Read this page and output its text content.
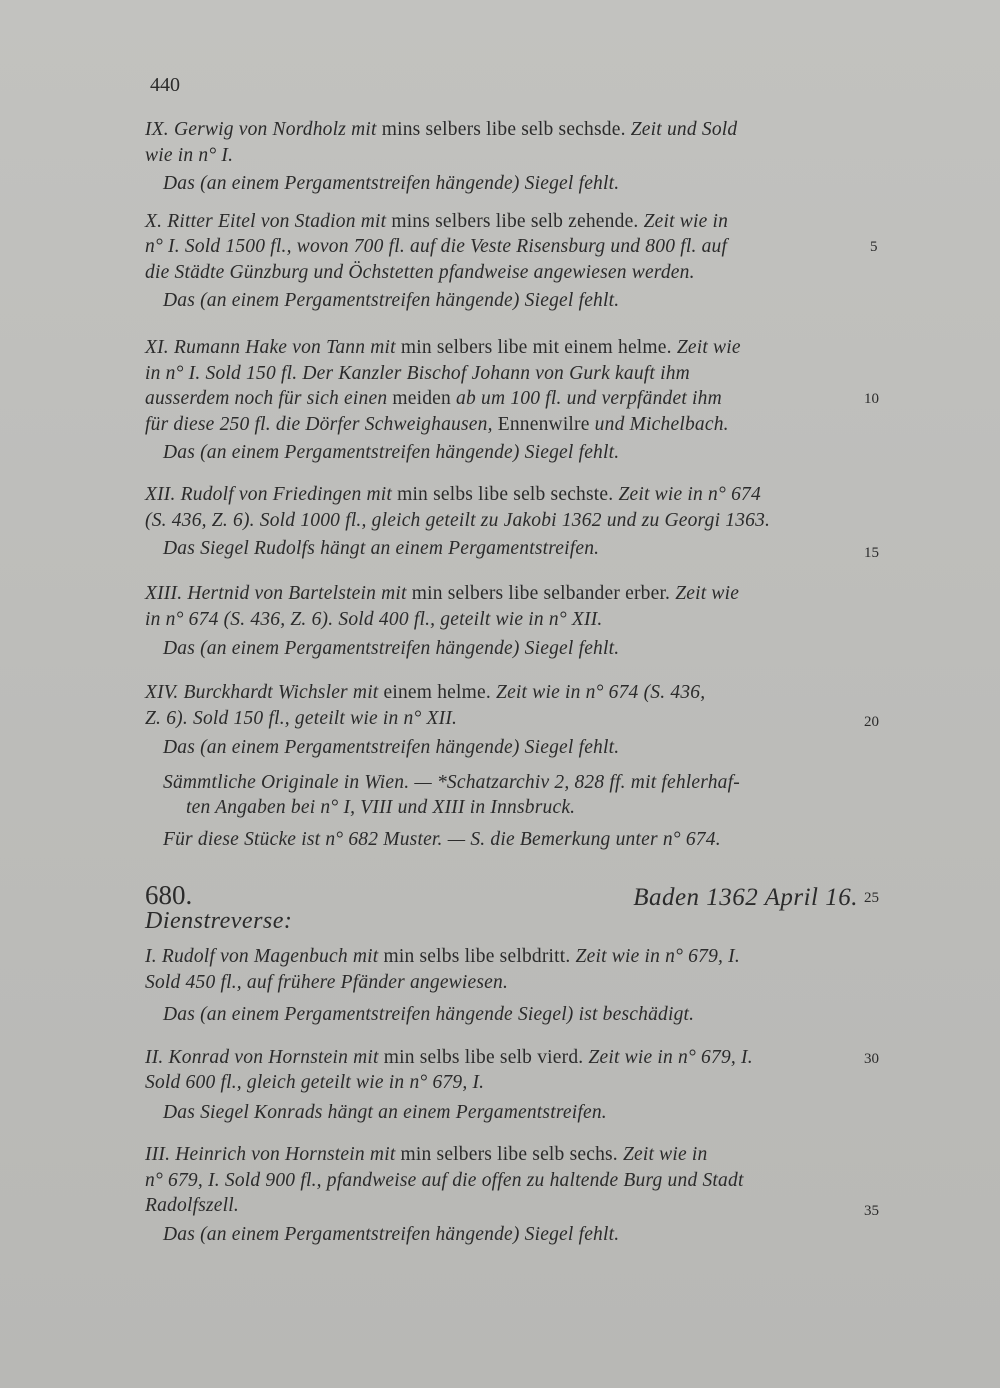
440
680.	Baden 1362 April 16.
Dienstreverse:
IX. Gerwig von Nordholz mit mins selbers libe selb sechsde. Zeit und Sold
wie in n° I.
Das (an einem Pergamentstreifen hängende) Siegel fehlt.
X. Ritter Eitel von Stadion mit mins selbers libe selb zehende. Zeit wie in
n° I. Sold 1500 fl., wovon 700 fl. auf die Veste Risensburg und 800 fl. auf
die Städte Günzburg und Öchstetten pfandweise angewiesen werden.
Das (an einem Pergamentstreifen hängende) Siegel fehlt.
XI. Rumann Hake von Tann mit min selbers libe mit einem helme. Zeit wie
in n° I. Sold 150 fl. Der Kanzler Bischof Johann von Gurk kauft ihm
ausserdem noch für sich einen meiden ab um 100 fl. und verpfändet ihm
für diese 250 fl. die Dörfer Schweighausen, Ennenwilre und Michelbach.
Das (an einem Pergamentstreifen hängende) Siegel fehlt.
XII. Rudolf von Friedingen mit min selbs libe selb sechste. Zeit wie in n° 674
(S. 436, Z. 6). Sold 1000 fl., gleich geteilt zu Jakobi 1362 und zu Georgi 1363.
Das Siegel Rudolfs hängt an einem Pergamentstreifen.
XIII. Hertnid von Bartelstein mit min selbers libe selbander erber. Zeit wie
in n° 674 (S. 436, Z. 6). Sold 400 fl., geteilt wie in n° XII.
Das (an einem Pergamentstreifen hängende) Siegel fehlt.
XIV. Burckhardt Wichsler mit einem helme. Zeit wie in n° 674 (S. 436,
Z. 6). Sold 150 fl., geteilt wie in n° XII.
Das (an einem Pergamentstreifen hängende) Siegel fehlt.
Sämmtliche Originale in Wien. — *Schatzarchiv 2, 828 ff. mit fehlerhaf-
ten Angaben bei n° I, VIII und XIII in Innsbruck.
Für diese Stücke ist n° 682 Muster. — S. die Bemerkung unter n° 674.
I. Rudolf von Magenbuch mit min selbs libe selbdritt. Zeit wie in n° 679, I.
Sold 450 fl., auf frühere Pfänder angewiesen.
Das (an einem Pergamentstreifen hängende Siegel) ist beschädigt.
II. Konrad von Hornstein mit min selbs libe selb vierd. Zeit wie in n° 679, I.
Sold 600 fl., gleich geteilt wie in n° 679, I.
Das Siegel Konrads hängt an einem Pergamentstreifen.
III. Heinrich von Hornstein mit min selbers libe selb sechs. Zeit wie in
n° 679, I. Sold 900 fl., pfandweise auf die offen zu haltende Burg und Stadt
Radolfszell.
Das (an einem Pergamentstreifen hängende) Siegel fehlt.
5
10
15
20
25
30
35
